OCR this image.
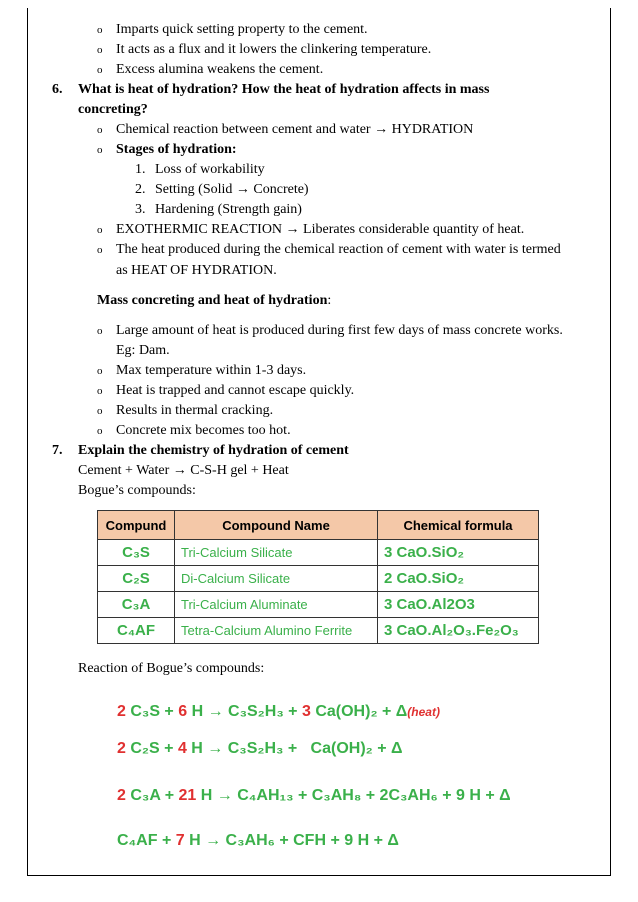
o Imparts quick setting property to the cement.
o It acts as a flux and it lowers the clinkering temperature.
o Excess alumina weakens the cement.
6. What is heat of hydration? How the heat of hydration affects in mass
concreting?
o Chemical reaction between cement and water → HYDRATION
o Stages of hydration:
1. Loss of workability
2. Setting (Solid → Concrete)
3. Hardening (Strength gain)
o EXOTHERMIC REACTION → Liberates considerable quantity of heat.
o The heat produced during the chemical reaction of cement with water is termed
as HEAT OF HYDRATION.
Mass concreting and heat of hydration:
o Large amount of heat is produced during first few days of mass concrete works.
Eg: Dam.
o Max temperature within 1-3 days.
o Heat is trapped and cannot escape quickly.
o Results in thermal cracking.
o Concrete mix becomes too hot.
7. Explain the chemistry of hydration of cement
Cement + Water → C-S-H gel + Heat
Bogue’s compounds:
Compund	Compound Name	Chemical formula
C₃S	Tri-Calcium Silicate	3 CaO.SiO₂
C₂S	Di-Calcium Silicate	2 CaO.SiO₂
C₃A	Tri-Calcium Aluminate	3 CaO.Al2O3
C₄AF	Tetra-Calcium Alumino Ferrite	3 CaO.Al₂O₃.Fe₂O₃
Reaction of Bogue’s compounds:
2 C₃S + 6 H → C₃S₂H₃ + 3 Ca(OH)₂ + Δ(heat)
2 C₂S + 4 H → C₃S₂H₃ +   Ca(OH)₂ + Δ
2 C₃A + 21 H → C₄AH₁₃ + C₃AH₈ + 2C₃AH₆ + 9 H + Δ
C₄AF + 7 H → C₃AH₆ + CFH + 9 H + Δ
